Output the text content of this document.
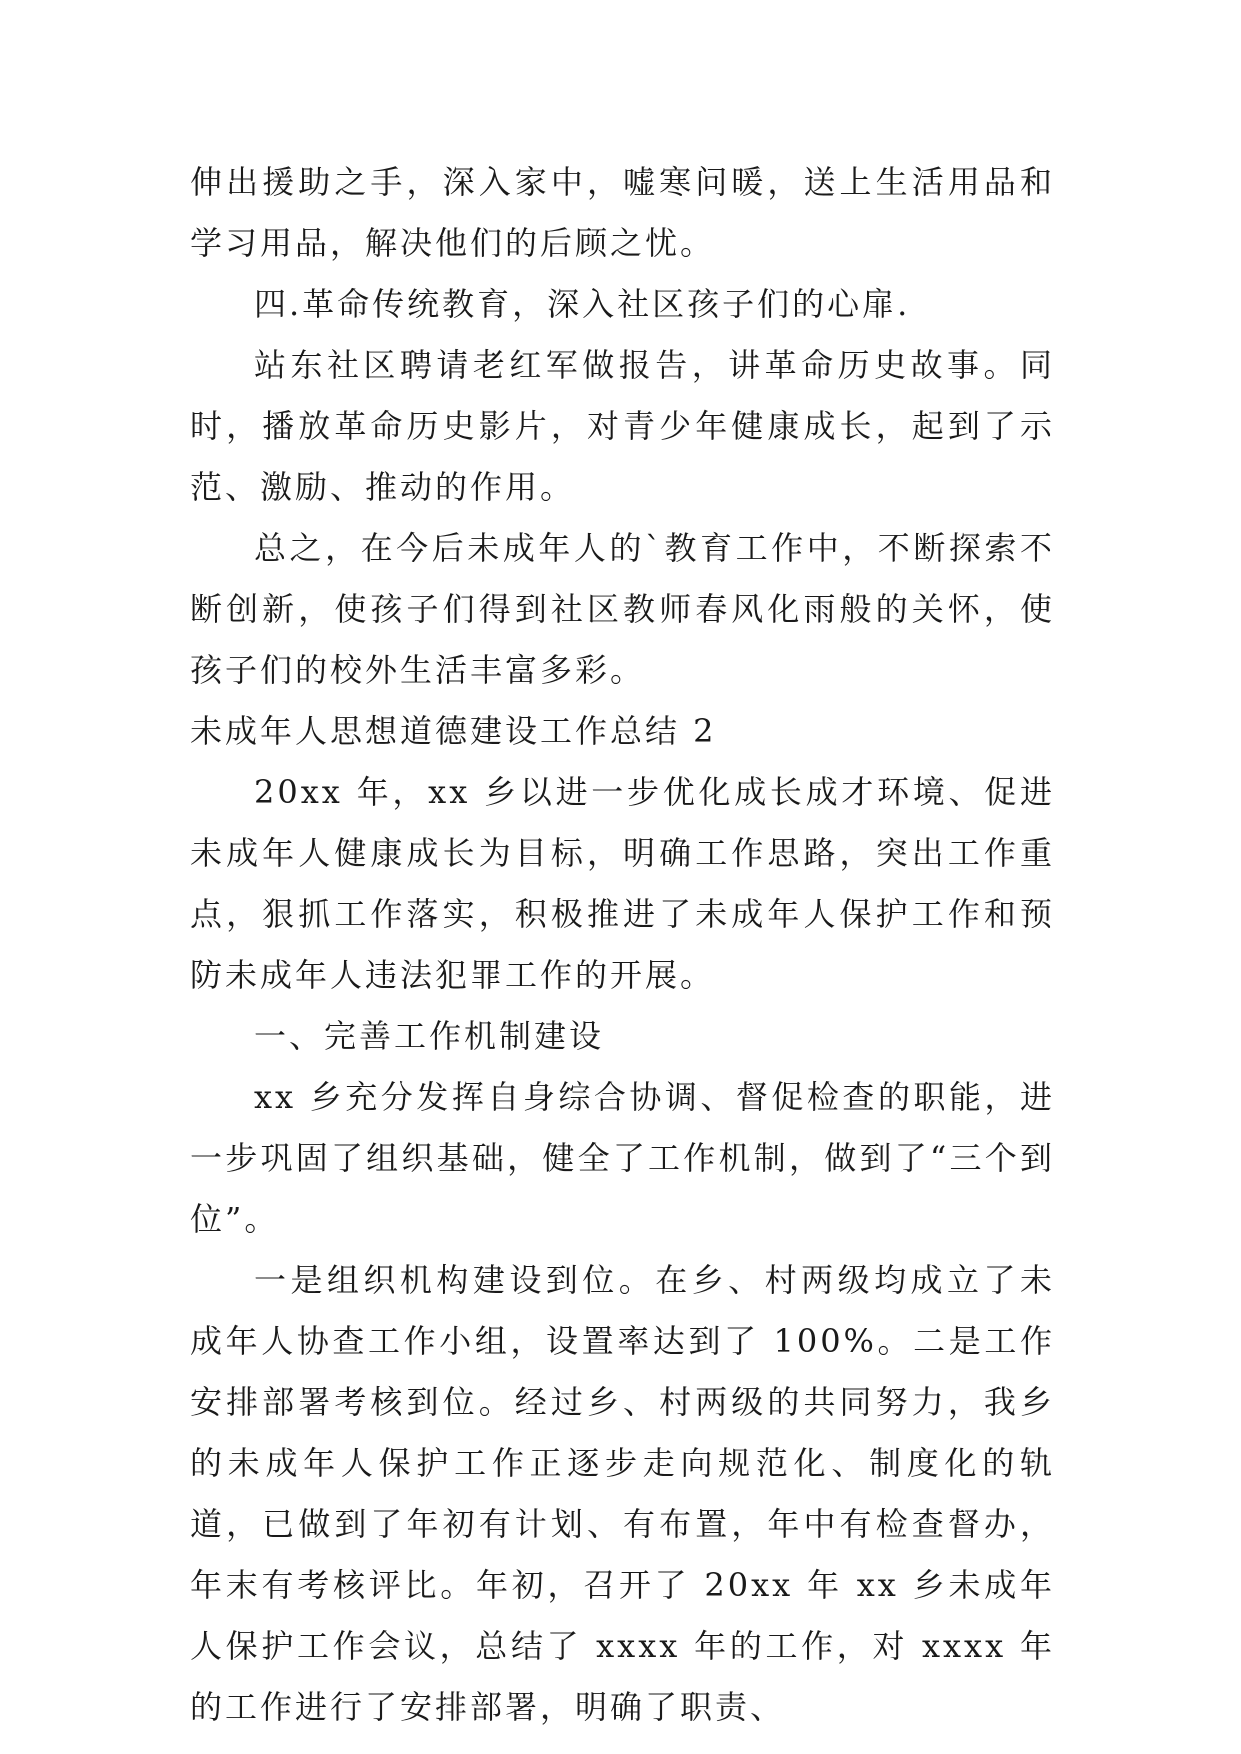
伸出援助之手，深入家中，嘘寒问暖，送上生活用品和学习用品，解决他们的后顾之忧。

四.革命传统教育，深入社区孩子们的心扉.

站东社区聘请老红军做报告，讲革命历史故事。同时，播放革命历史影片，对青少年健康成长，起到了示范、激励、推动的作用。

总之，在今后未成年人的`教育工作中，不断探索不断创新，使孩子们得到社区教师春风化雨般的关怀，使孩子们的校外生活丰富多彩。

未成年人思想道德建设工作总结 2

20xx 年，xx 乡以进一步优化成长成才环境、促进未成年人健康成长为目标，明确工作思路，突出工作重点，狠抓工作落实，积极推进了未成年人保护工作和预防未成年人违法犯罪工作的开展。

一、完善工作机制建设

xx 乡充分发挥自身综合协调、督促检查的职能，进一步巩固了组织基础，健全了工作机制，做到了“三个到位”。

一是组织机构建设到位。在乡、村两级均成立了未成年人协查工作小组，设置率达到了 100%。二是工作安排部署考核到位。经过乡、村两级的共同努力，我乡的未成年人保护工作正逐步走向规范化、制度化的轨道，已做到了年初有计划、有布置，年中有检查督办，年末有考核评比。年初，召开了 20xx 年 xx 乡未成年人保护工作会议，总结了 xxxx 年的工作，对 xxxx 年的工作进行了安排部署，明确了职责、
